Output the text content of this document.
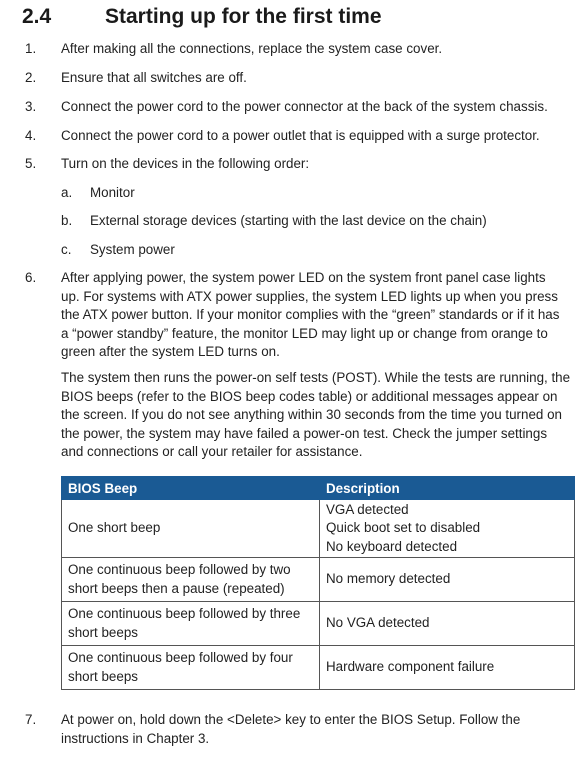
2.4	Starting up for the first time
1. After making all the connections, replace the system case cover.
2. Ensure that all switches are off.
3. Connect the power cord to the power connector at the back of the system chassis.
4. Connect the power cord to a power outlet that is equipped with a surge protector.
5. Turn on the devices in the following order:
a. Monitor
b. External storage devices (starting with the last device on the chain)
c. System power
6. After applying power, the system power LED on the system front panel case lights up. For systems with ATX power supplies, the system LED lights up when you press the ATX power button. If your monitor complies with the “green” standards or if it has a “power standby” feature, the monitor LED may light up or change from orange to green after the system LED turns on.
The system then runs the power-on self tests (POST). While the tests are running, the BIOS beeps (refer to the BIOS beep codes table) or additional messages appear on the screen. If you do not see anything within 30 seconds from the time you turned on the power, the system may have failed a power-on test. Check the jumper settings and connections or call your retailer for assistance.
BIOS Beep	Description
One short beep	VGA detected
Quick boot set to disabled
No keyboard detected
One continuous beep followed by two short beeps then a pause (repeated)	No memory detected
One continuous beep followed by three short beeps	No VGA detected
One continuous beep followed by four short beeps	Hardware component failure
7. At power on, hold down the <Delete> key to enter the BIOS Setup. Follow the instructions in Chapter 3.
